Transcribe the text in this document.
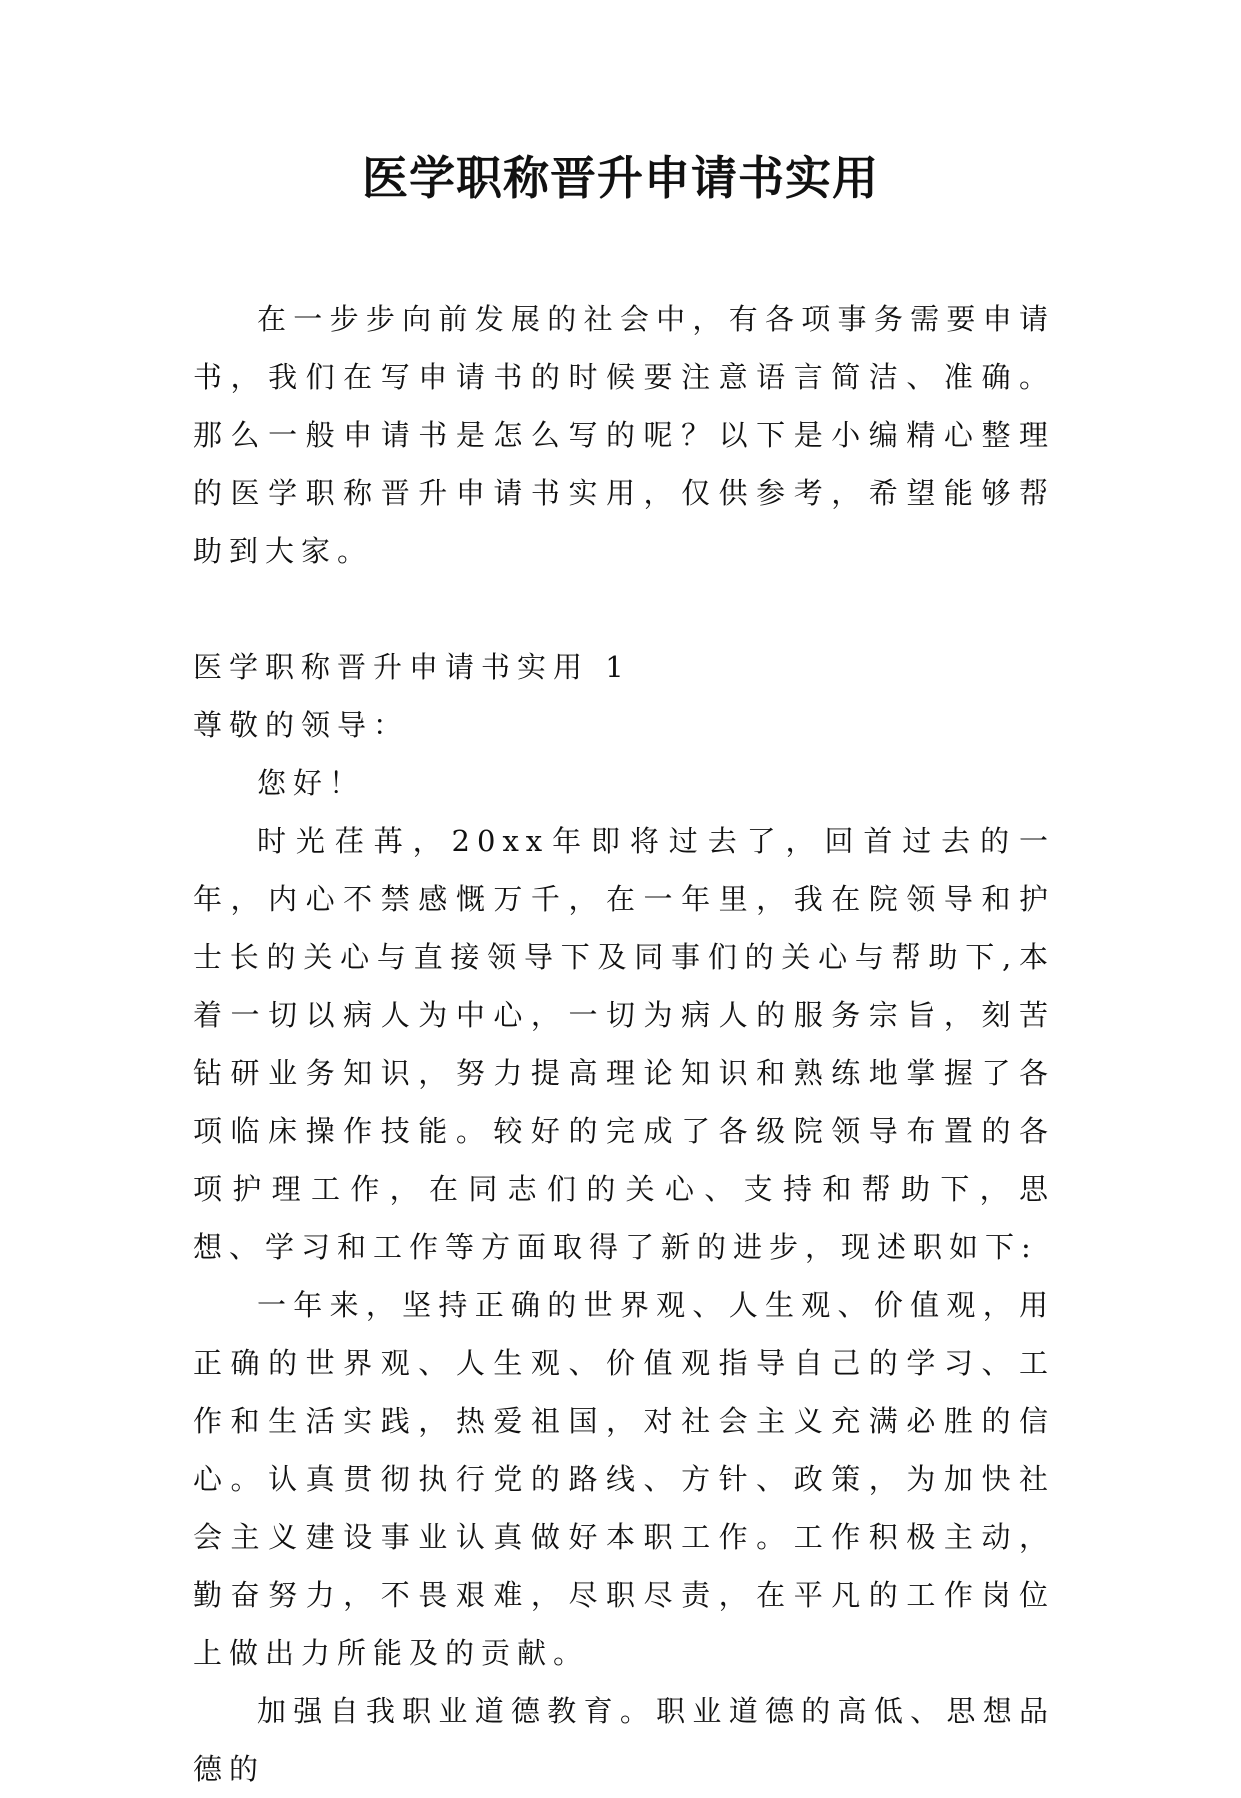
医学职称晋升申请书实用

在一步步向前发展的社会中，有各项事务需要申请书，我们在写申请书的时候要注意语言简洁、准确。那么一般申请书是怎么写的呢？以下是小编精心整理的医学职称晋升申请书实用，仅供参考，希望能够帮助到大家。

医学职称晋升申请书实用 1

尊敬的领导：

您好！

时光荏苒，20xx年即将过去了，回首过去的一年，内心不禁感慨万千，在一年里，我在院领导和护士长的关心与直接领导下及同事们的关心与帮助下,本着一切以病人为中心，一切为病人的服务宗旨，刻苦钻研业务知识，努力提高理论知识和熟练地掌握了各项临床操作技能。较好的完成了各级院领导布置的各项护理工作，在同志们的关心、支持和帮助下，思想、学习和工作等方面取得了新的进步，现述职如下:

一年来，坚持正确的世界观、人生观、价值观，用正确的世界观、人生观、价值观指导自己的学习、工作和生活实践，热爱祖国，对社会主义充满必胜的信心。认真贯彻执行党的路线、方针、政策，为加快社会主义建设事业认真做好本职工作。工作积极主动，勤奋努力，不畏艰难，尽职尽责，在平凡的工作岗位上做出力所能及的贡献。

加强自我职业道德教育。职业道德的高低、思想品德的
